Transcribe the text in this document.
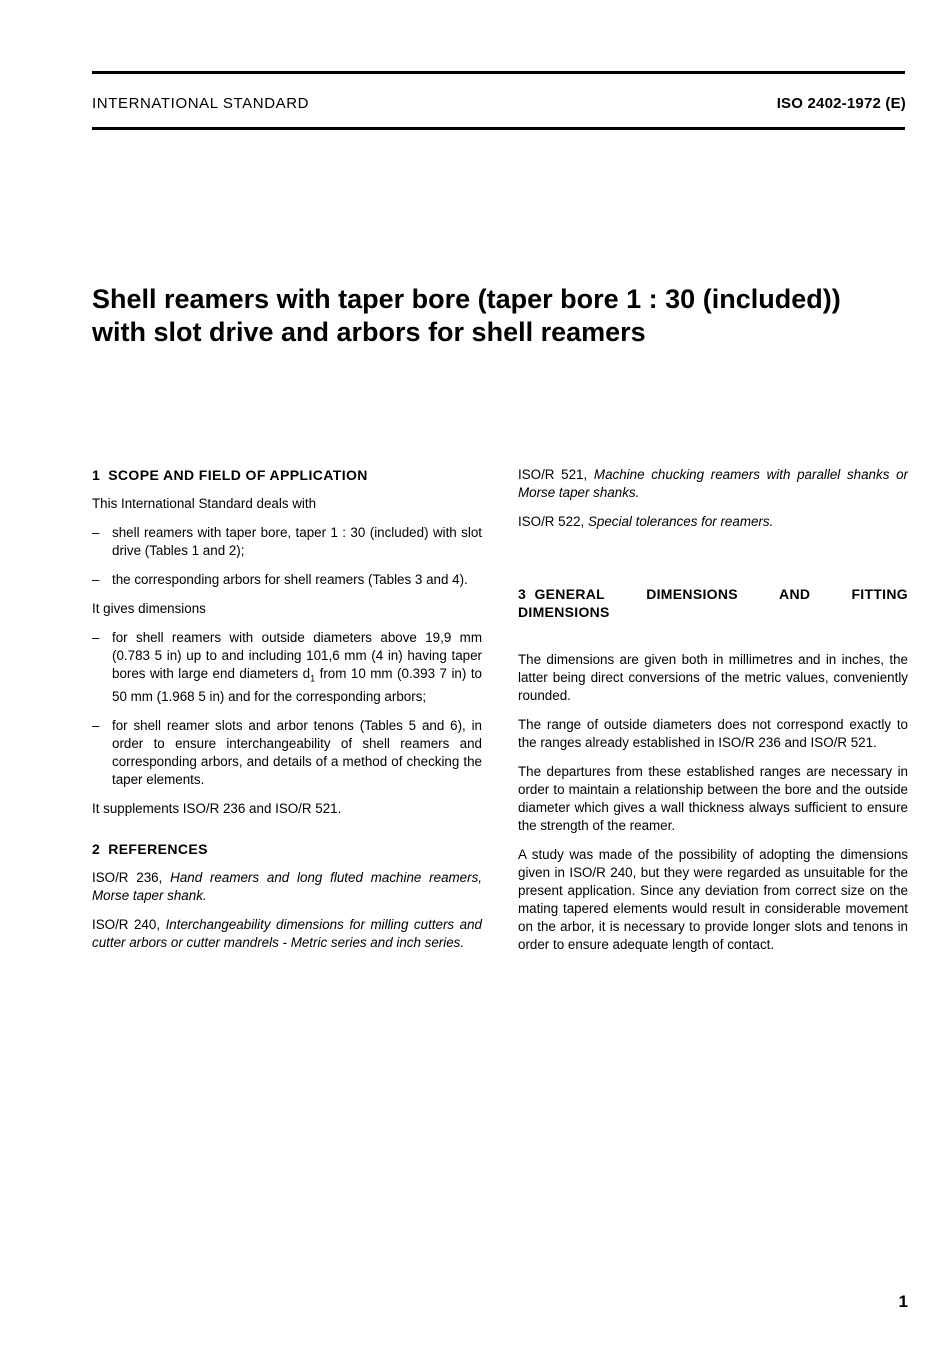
INTERNATIONAL STANDARD	ISO 2402-1972 (E)
Shell reamers with taper bore (taper bore 1 : 30 (included))
with slot drive and arbors for shell reamers
1 SCOPE AND FIELD OF APPLICATION

This International Standard deals with

– shell reamers with taper bore, taper 1 : 30 (included) with slot drive (Tables 1 and 2);

– the corresponding arbors for shell reamers (Tables 3 and 4).

It gives dimensions

– for shell reamers with outside diameters above 19,9 mm (0.783 5 in) up to and including 101,6 mm (4 in) having taper bores with large end diameters $d_1$ from 10 mm (0.393 7 in) to 50 mm (1.968 5 in) and for the corresponding arbors;

– for shell reamer slots and arbor tenons (Tables 5 and 6), in order to ensure interchangeability of shell reamers and corresponding arbors, and details of a method of checking the taper elements.

It supplements ISO/R 236 and ISO/R 521.

2 REFERENCES

ISO/R 236, Hand reamers and long fluted machine reamers, Morse taper shank.

ISO/R 240, Interchangeability dimensions for milling cutters and cutter arbors or cutter mandrels - Metric series and inch series.

ISO/R 521, Machine chucking reamers with parallel shanks or Morse taper shanks.

ISO/R 522, Special tolerances for reamers.

3 GENERAL	DIMENSIONS	AND	FITTING
DIMENSIONS

The dimensions are given both in millimetres and in inches, the latter being direct conversions of the metric values, conveniently rounded.

The range of outside diameters does not correspond exactly to the ranges already established in ISO/R 236 and ISO/R 521.

The departures from these established ranges are necessary in order to maintain a relationship between the bore and the outside diameter which gives a wall thickness always sufficient to ensure the strength of the reamer.

A study was made of the possibility of adopting the dimensions given in ISO/R 240, but they were regarded as unsuitable for the present application. Since any deviation from correct size on the mating tapered elements would result in considerable movement on the arbor, it is necessary to provide longer slots and tenons in order to ensure adequate length of contact.

1
